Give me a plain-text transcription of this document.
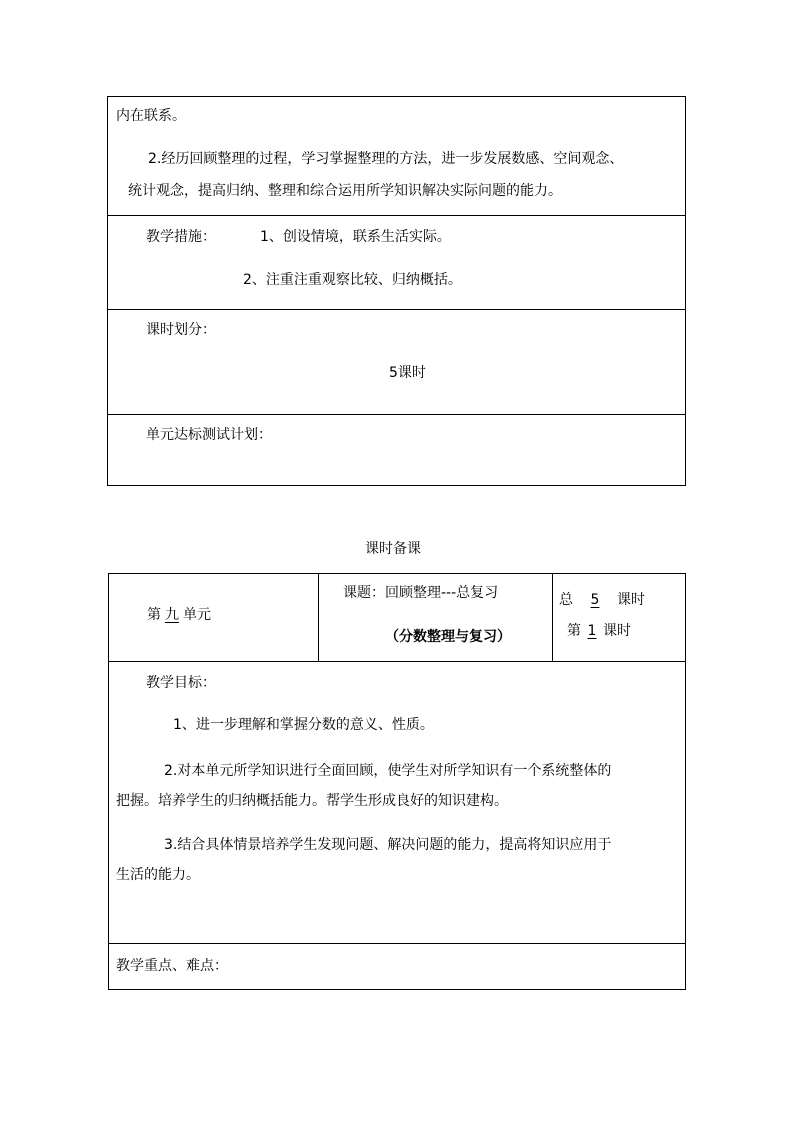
内在联系。
2.经历回顾整理的过程，学习掌握整理的方法，进一步发展数感、空间观念、
统计观念，提高归纳、整理和综合运用所学知识解决实际问题的能力。
教学措施：	1、创设情境，联系生活实际。
2、注重注重观察比较、归纳概括。
课时划分：
5课时
单元达标测试计划：
课时备课
第 九 单元
课题：回顾整理---总复习
（分数整理与复习）
总 5 课时
第 1 课时
教学目标：
1、进一步理解和掌握分数的意义、性质。
2.对本单元所学知识进行全面回顾，使学生对所学知识有一个系统整体的
把握。培养学生的归纳概括能力。帮学生形成良好的知识建构。
3.结合具体情景培养学生发现问题、解决问题的能力，提高将知识应用于
生活的能力。
教学重点、难点：
